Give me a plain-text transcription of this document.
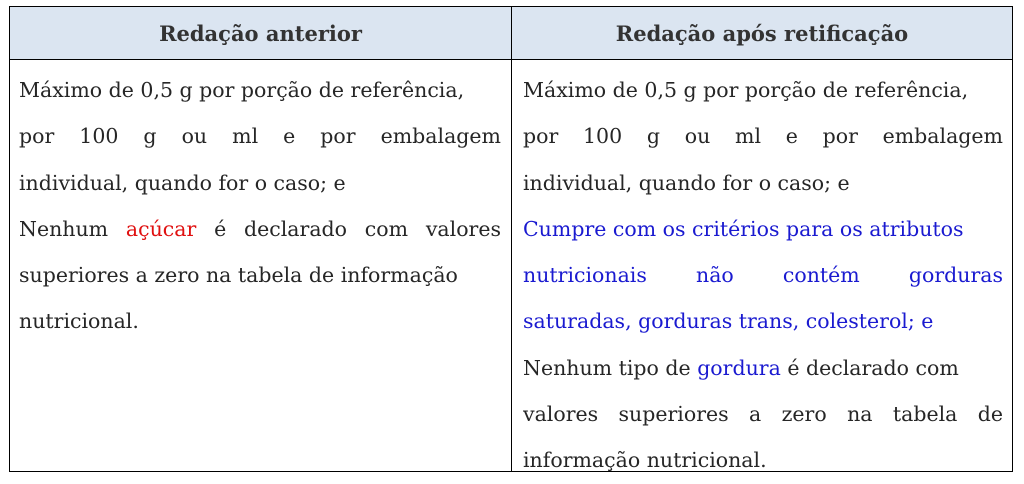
Redação anterior	Redação após retificação
Máximo de 0,5 g por porção de referência,
por 100 g ou ml e por embalagem
individual, quando for o caso; e
Nenhum açúcar é declarado com valores
superiores a zero na tabela de informação
nutricional.
Máximo de 0,5 g por porção de referência,
por 100 g ou ml e por embalagem
individual, quando for o caso; e
Cumpre com os critérios para os atributos
nutricionais não contém gorduras
saturadas, gorduras trans, colesterol; e
Nenhum tipo de gordura é declarado com
valores superiores a zero na tabela de
informação nutricional.
